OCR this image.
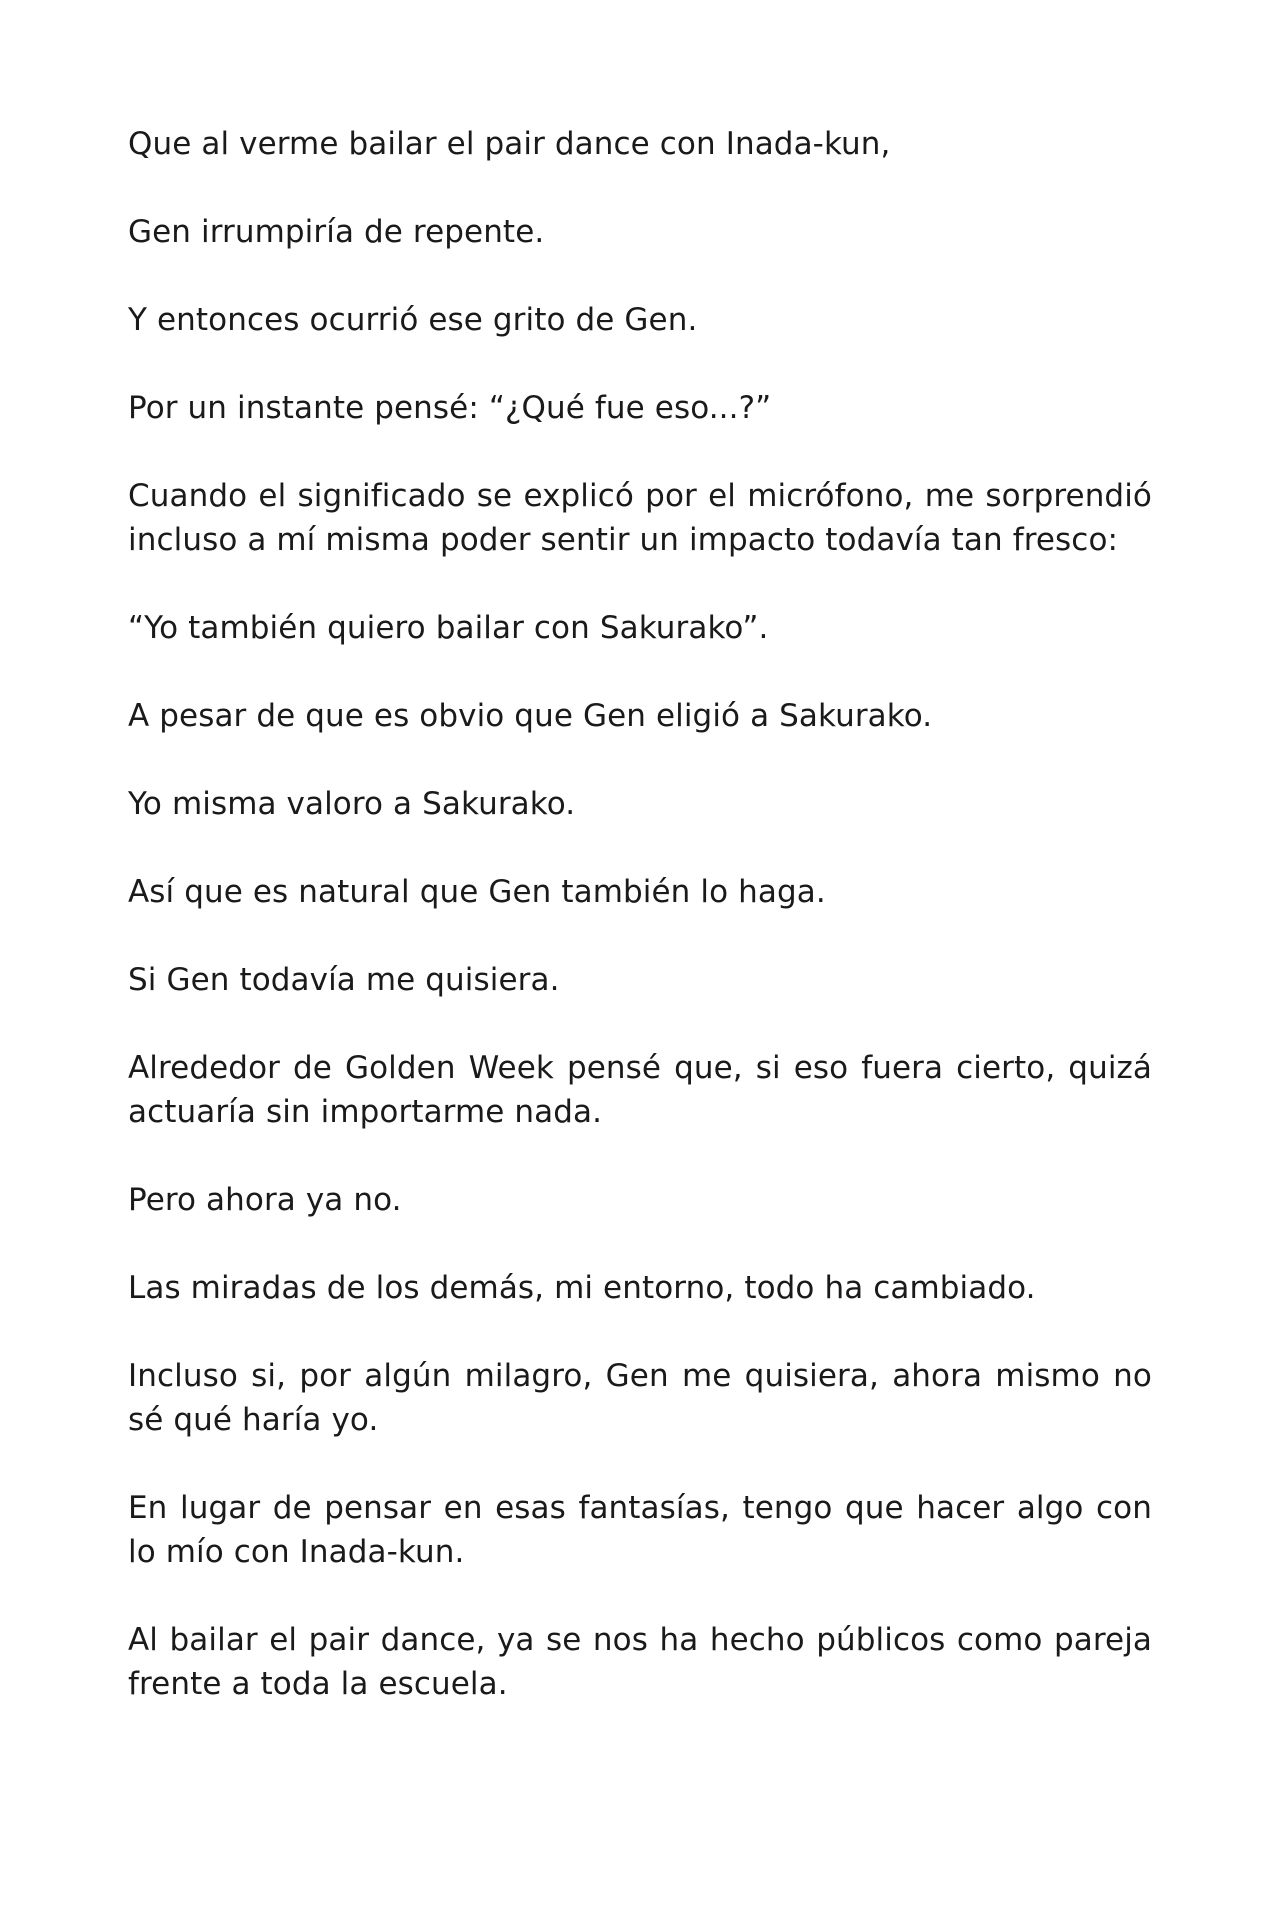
Que al verme bailar el pair dance con Inada-kun,

Gen irrumpiría de repente.

Y entonces ocurrió ese grito de Gen.

Por un instante pensé: “¿Qué fue eso...?”

Cuando el significado se explicó por el micrófono, me sorprendió incluso a mí misma poder sentir un impacto todavía tan fresco:

“Yo también quiero bailar con Sakurako”.

A pesar de que es obvio que Gen eligió a Sakurako.

Yo misma valoro a Sakurako.

Así que es natural que Gen también lo haga.

Si Gen todavía me quisiera.

Alrededor de Golden Week pensé que, si eso fuera cierto, quizá actuaría sin importarme nada.

Pero ahora ya no.

Las miradas de los demás, mi entorno, todo ha cambiado.

Incluso si, por algún milagro, Gen me quisiera, ahora mismo no sé qué haría yo.

En lugar de pensar en esas fantasías, tengo que hacer algo con lo mío con Inada-kun.

Al bailar el pair dance, ya se nos ha hecho públicos como pareja frente a toda la escuela.
